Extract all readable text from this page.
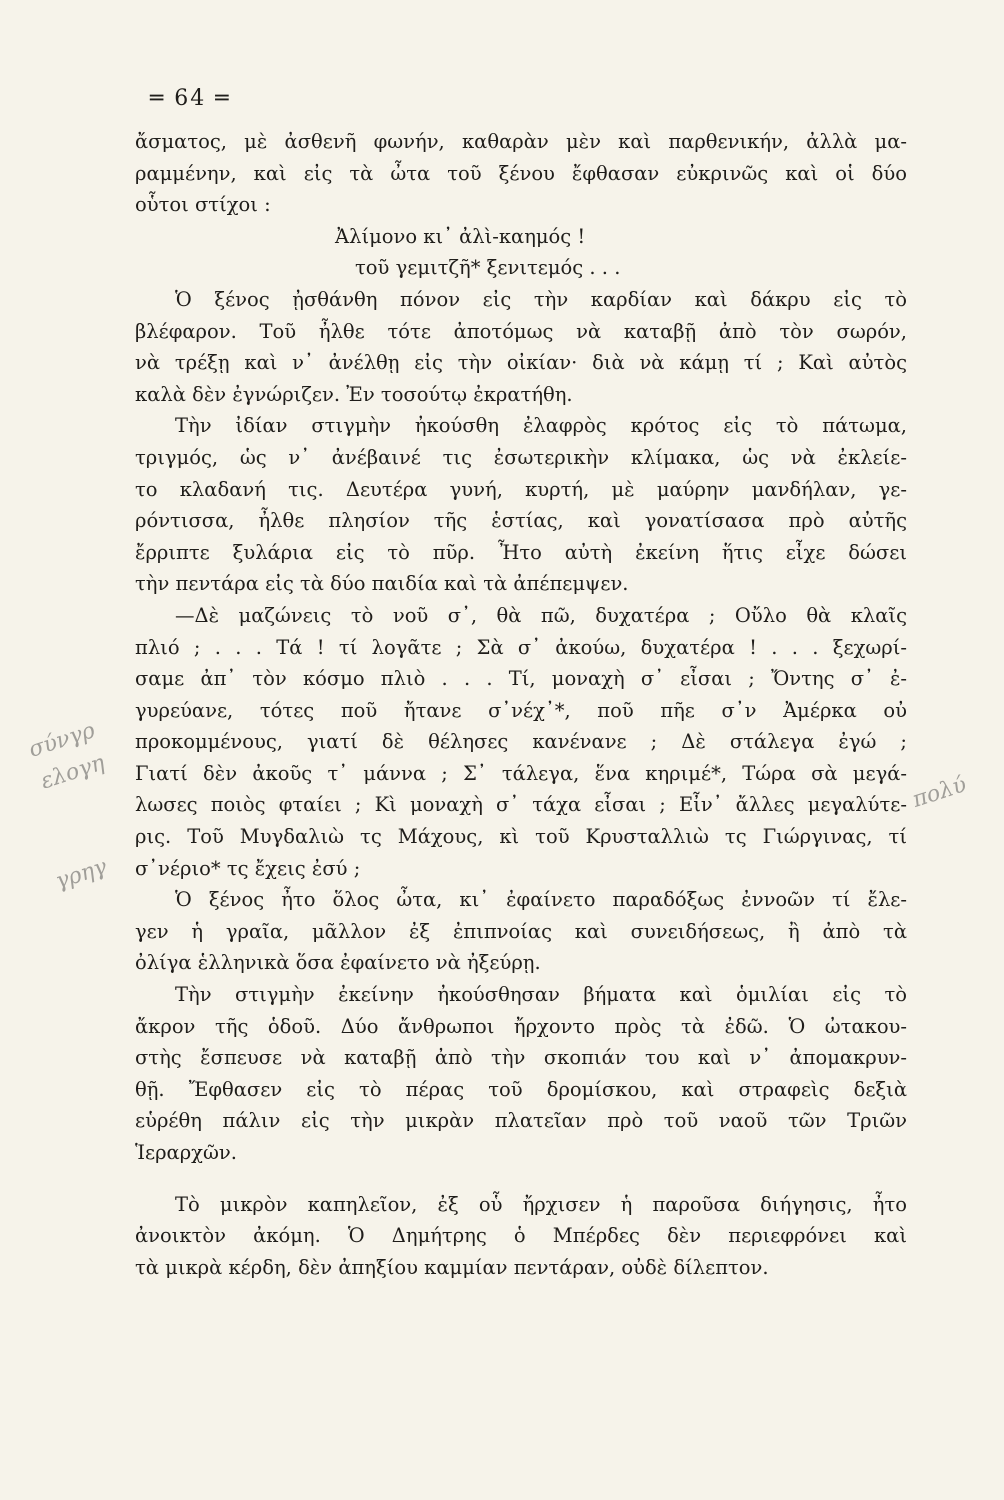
═ 64 ═
σύνγρ
ελογη	πολύ
γρηγ
ἄσματος, μὲ ἀσθενῆ φωνήν, καθαρὰν μὲν καὶ παρθενικήν, ἀλλὰ μα-
ραμμένην, καὶ εἰς τὰ ὦτα τοῦ ξένου ἔφθασαν εὐκρινῶς καὶ οἱ δύο
οὗτοι στίχοι :
Ἀλίμονο κι᾽ ἀλὶ-καημός !
τοῦ γεμιτζῆ* ξενιτεμός . . .
Ὁ ξένος ᾐσθάνθη πόνον εἰς τὴν καρδίαν καὶ δάκρυ εἰς τὸ
βλέφαρον. Τοῦ ἦλθε τότε ἀποτόμως νὰ καταβῇ ἀπὸ τὸν σωρόν,
νὰ τρέξῃ καὶ ν᾽ ἀνέλθῃ εἰς τὴν οἰκίαν· διὰ νὰ κάμῃ τί ; Καὶ αὐτὸς
καλὰ δὲν ἐγνώριζεν. Ἐν τοσούτῳ ἐκρατήθη.
Τὴν ἰδίαν στιγμὴν ἠκούσθη ἐλαφρὸς κρότος εἰς τὸ πάτωμα,
τριγμός, ὡς ν᾽ ἀνέβαινέ τις ἐσωτερικὴν κλίμακα, ὡς νὰ ἐκλείε-
το κλαδανή τις. Δευτέρα γυνή, κυρτή, μὲ μαύρην μανδήλαν, γε-
ρόντισσα, ἦλθε πλησίον τῆς ἑστίας, καὶ γονατίσασα πρὸ αὐτῆς
ἔρριπτε ξυλάρια εἰς τὸ πῦρ. Ἦτο αὐτὴ ἐκείνη ἥτις εἶχε δώσει
τὴν πεντάρα εἰς τὰ δύο παιδία καὶ τὰ ἀπέπεμψεν.
—Δὲ μαζώνεις τὸ νοῦ σ᾽, θὰ πῶ, δυχατέρα ; Οὔλο θὰ κλαῖς
πλιό ; . . . Τά ! τί λογᾶτε ; Σὰ σ᾽ ἀκούω, δυχατέρα ! . . . ξεχωρί-
σαμε ἀπ᾽ τὸν κόσμο πλιὸ . . . Τί, μοναχὴ σ᾽ εἶσαι ; Ὄντης σ᾽ ἐ-
γυρεύανε, τότες ποῦ ἤτανε σ᾽νέχ᾽*, ποῦ πῆε σ᾽ν Ἀμέρκα οὐ
προκομμένους, γιατί δὲ θέλησες κανένανε ; Δὲ στάλεγα ἐγώ ;
Γιατί δὲν ἀκοῦς τ᾽ μάννα ; Σ᾽ τάλεγα, ἕνα κηριμέ*, Τώρα σὰ μεγά-
λωσες ποιὸς φταίει ; Κὶ μοναχὴ σ᾽ τάχα εἶσαι ; Εἶν᾽ ἄλλες μεγαλύτε-
ρις. Τοῦ Μυγδαλιὼ τς Μάχους, κὶ τοῦ Κρυσταλλιὼ τς Γιώργινας, τί
σ᾽νέριο* τς ἔχεις ἐσύ ;
Ὁ ξένος ἦτο ὅλος ὦτα, κι᾽ ἐφαίνετο παραδόξως ἐννοῶν τί ἔλε-
γεν ἡ γραῖα, μᾶλλον ἐξ ἐπιπνοίας καὶ συνειδήσεως, ἢ ἀπὸ τὰ
ὀλίγα ἑλληνικὰ ὅσα ἐφαίνετο νὰ ἠξεύρῃ.
Τὴν στιγμὴν ἐκείνην ἠκούσθησαν βήματα καὶ ὁμιλίαι εἰς τὸ
ἄκρον τῆς ὁδοῦ. Δύο ἄνθρωποι ἤρχοντο πρὸς τὰ ἐδῶ. Ὁ ὠτακου-
στὴς ἔσπευσε νὰ καταβῇ ἀπὸ τὴν σκοπιάν του καὶ ν᾽ ἀπομακρυν-
θῇ. Ἔφθασεν εἰς τὸ πέρας τοῦ δρομίσκου, καὶ στραφεὶς δεξιὰ
εὑρέθη πάλιν εἰς τὴν μικρὰν πλατεῖαν πρὸ τοῦ ναοῦ τῶν Τριῶν
Ἱεραρχῶν.
Τὸ μικρὸν καπηλεῖον, ἐξ οὗ ἤρχισεν ἡ παροῦσα διήγησις, ἦτο
ἀνοικτὸν ἀκόμη. Ὁ Δημήτρης ὁ Μπέρδες δὲν περιεφρόνει καὶ
τὰ μικρὰ κέρδη, δὲν ἀπηξίου καμμίαν πεντάραν, οὐδὲ δίλεπτον.
